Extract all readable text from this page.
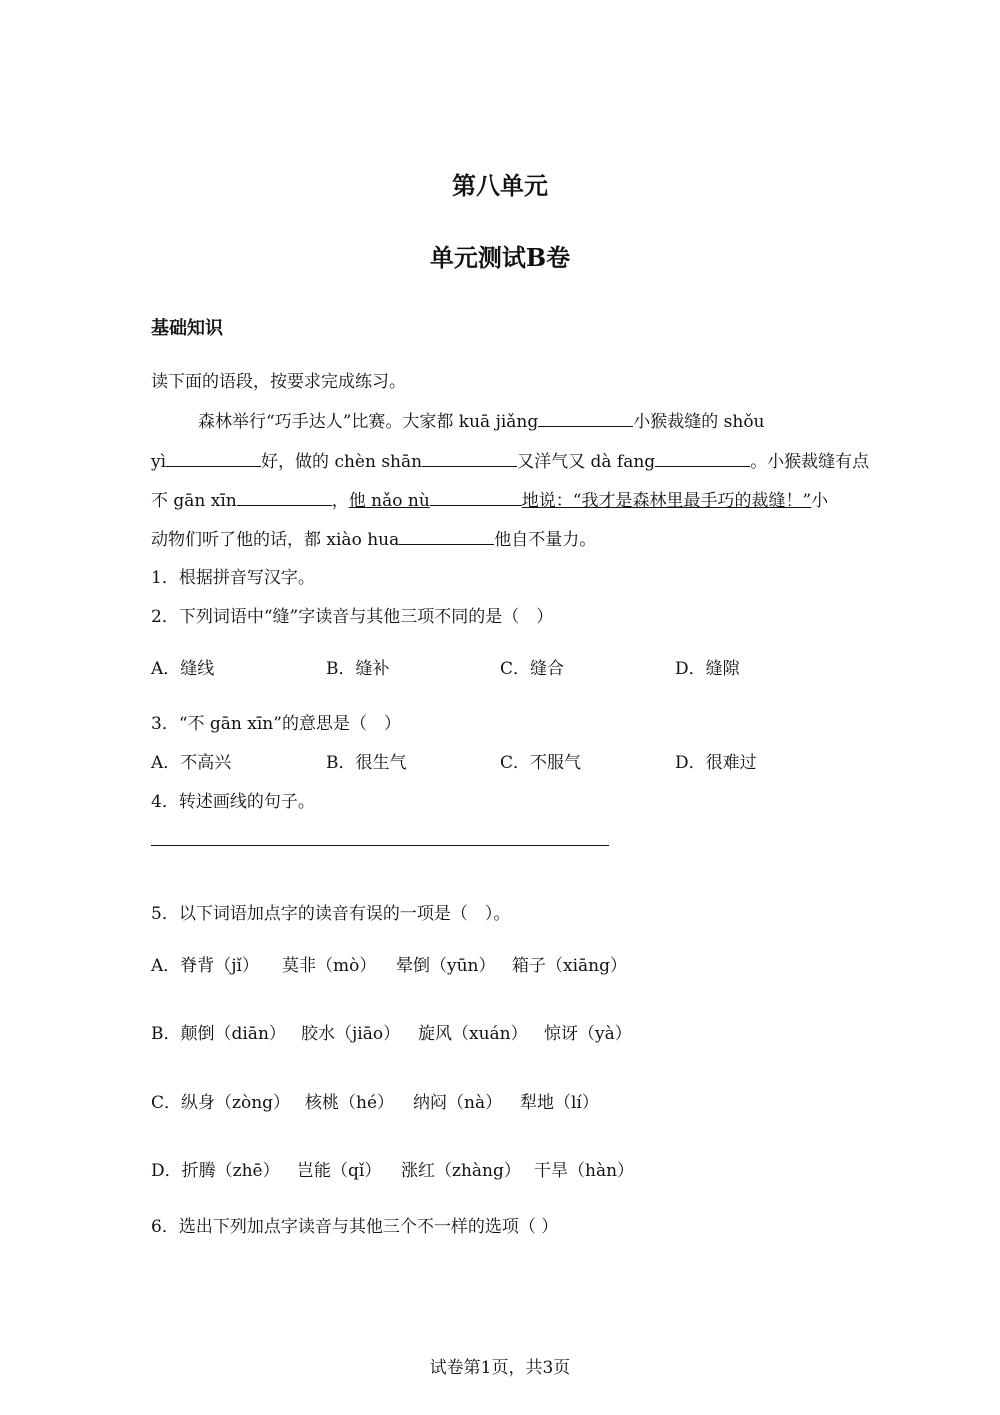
第八单元
单元测试B卷
基础知识
读下面的语段，按要求完成练习。
森林举行“巧手达人”比赛。大家都 kuā jiǎng	小猴裁缝的 shǒu
yì	好，做的 chèn shān	又洋气又 dà fang	。小猴裁缝有点
不 gān xīn	，他 nǎo nù	地说：“我才是森林里最手巧的裁缝！”小
动物们听了他的话，都 xiào hua	他自不量力。
1．根据拼音写汉字。
2．下列词语中“缝”字读音与其他三项不同的是（　）
A．缝线	B．缝补	C．缝合	D．缝隙
3．“不 gān xīn”的意思是（　）
A．不高兴	B．很生气	C．不服气	D．很难过
4．转述画线的句子。
5．以下词语加点字的读音有误的一项是（　）。
A．脊背（jǐ） 莫非（mò） 晕倒（yūn） 箱子（xiāng）
B．颠倒（diān） 胶水（jiāo） 旋风（xuán） 惊讶（yà）
C．纵身（zòng） 核桃（hé） 纳闷（nà） 犁地（lí）
D．折腾（zhē） 岂能（qǐ） 涨红（zhàng） 干旱（hàn）
6．选出下列加点字读音与其他三个不一样的选项（ ）
试卷第1页，共3页
